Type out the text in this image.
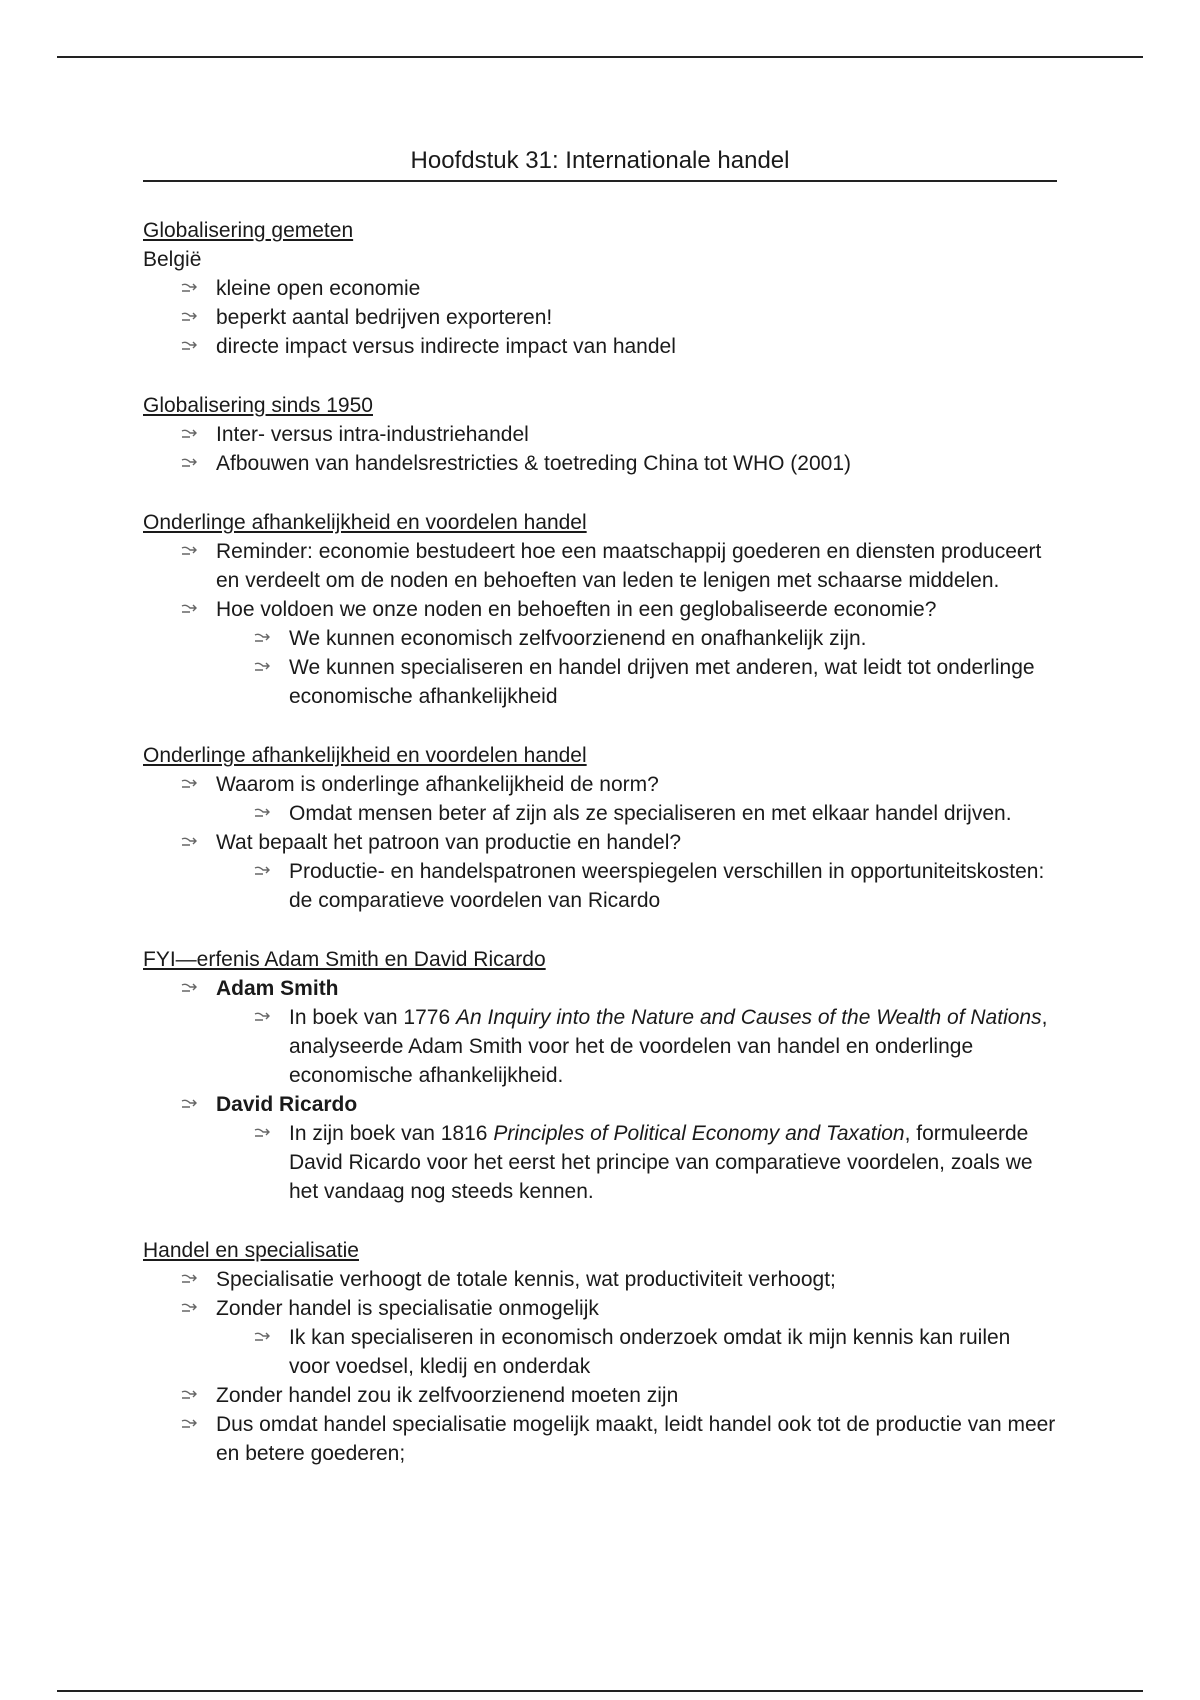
Hoofdstuk 31: Internationale handel
Globalisering gemeten
België
kleine open economie
beperkt aantal bedrijven exporteren!
directe impact versus indirecte impact van handel
Globalisering sinds 1950
Inter- versus intra-industriehandel
Afbouwen van handelsrestricties & toetreding China tot WHO (2001)
Onderlinge afhankelijkheid en voordelen handel
Reminder: economie bestudeert hoe een maatschappij goederen en diensten produceert en verdeelt om de noden en behoeften van leden te lenigen met schaarse middelen.
Hoe voldoen we onze noden en behoeften in een geglobaliseerde economie?
We kunnen economisch zelfvoorzienend en onafhankelijk zijn.
We kunnen specialiseren en handel drijven met anderen, wat leidt tot onderlinge economische afhankelijkheid
Onderlinge afhankelijkheid en voordelen handel
Waarom is onderlinge afhankelijkheid de norm?
Omdat mensen beter af zijn als ze specialiseren en met elkaar handel drijven.
Wat bepaalt het patroon van productie en handel?
Productie- en handelspatronen weerspiegelen verschillen in opportuniteitskosten: de comparatieve voordelen van Ricardo
FYI—erfenis Adam Smith en David Ricardo
Adam Smith
In boek van 1776 An Inquiry into the Nature and Causes of the Wealth of Nations, analyseerde Adam Smith voor het de voordelen van handel en onderlinge economische afhankelijkheid.
David Ricardo
In zijn boek van 1816 Principles of Political Economy and Taxation, formuleerde David Ricardo voor het eerst het principe van comparatieve voordelen, zoals we het vandaag nog steeds kennen.
Handel en specialisatie
Specialisatie verhoogt de totale kennis, wat productiviteit verhoogt;
Zonder handel is specialisatie onmogelijk
Ik kan specialiseren in economisch onderzoek omdat ik mijn kennis kan ruilen voor voedsel, kledij en onderdak
Zonder handel zou ik zelfvoorzienend moeten zijn
Dus omdat handel specialisatie mogelijk maakt, leidt handel ook tot de productie van meer en betere goederen;
